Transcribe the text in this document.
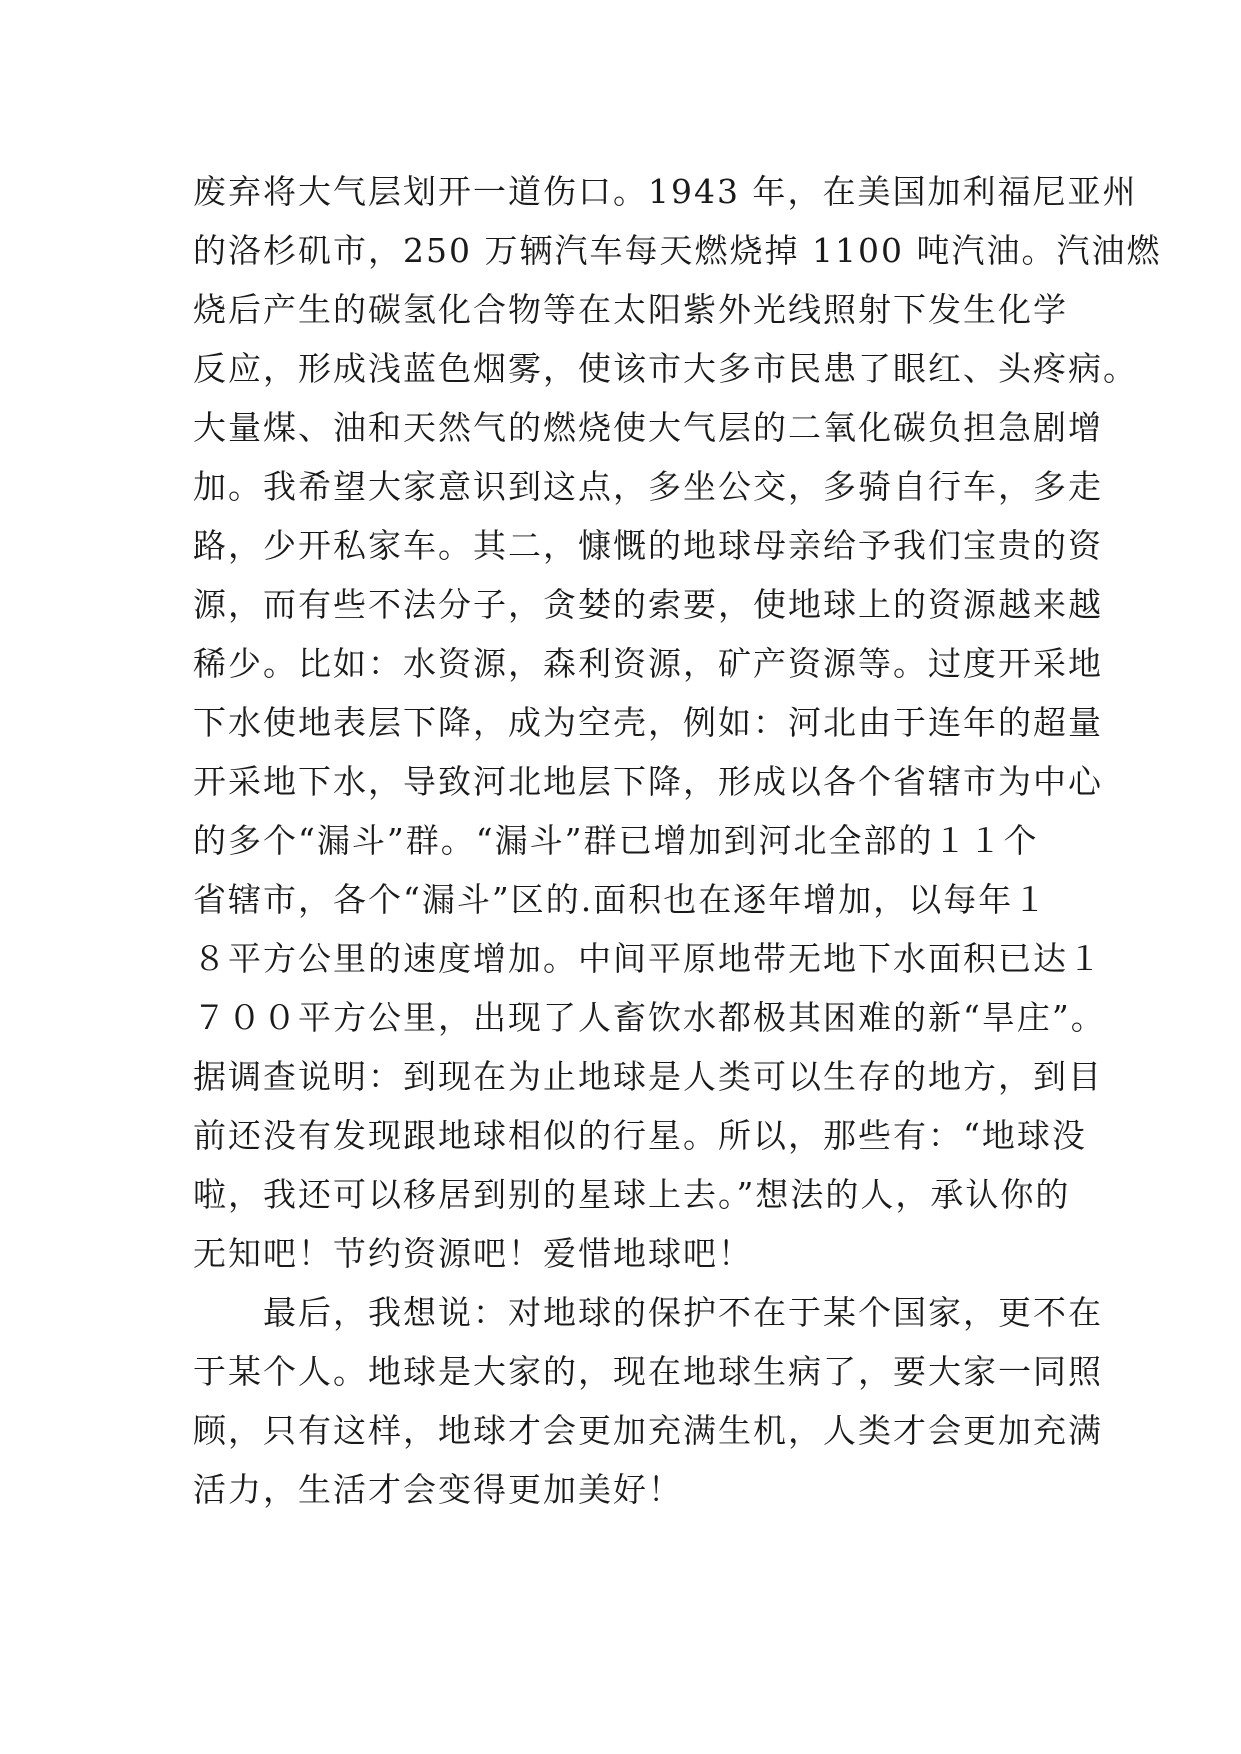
废弃将大气层划开一道伤口。1943 年，在美国加利福尼亚州
的洛杉矶市，250 万辆汽车每天燃烧掉 1100 吨汽油。汽油燃
烧后产生的碳氢化合物等在太阳紫外光线照射下发生化学
反应，形成浅蓝色烟雾，使该市大多市民患了眼红、头疼病。
大量煤、油和天然气的燃烧使大气层的二氧化碳负担急剧增
加。我希望大家意识到这点，多坐公交，多骑自行车，多走
路，少开私家车。其二，慷慨的地球母亲给予我们宝贵的资
源，而有些不法分子，贪婪的索要，使地球上的资源越来越
稀少。比如：水资源，森利资源，矿产资源等。过度开采地
下水使地表层下降，成为空壳，例如：河北由于连年的超量
开采地下水，导致河北地层下降，形成以各个省辖市为中心
的多个“漏斗”群。“漏斗”群已增加到河北全部的１１个
省辖市，各个“漏斗”区的.面积也在逐年增加，以每年１
８平方公里的速度增加。中间平原地带无地下水面积已达１
７００平方公里，出现了人畜饮水都极其困难的新“旱庄”。
据调查说明：到现在为止地球是人类可以生存的地方，到目
前还没有发现跟地球相似的行星。所以，那些有：“地球没
啦，我还可以移居到别的星球上去。”想法的人，承认你的
无知吧！节约资源吧！爱惜地球吧！
最后，我想说：对地球的保护不在于某个国家，更不在
于某个人。地球是大家的，现在地球生病了，要大家一同照
顾，只有这样，地球才会更加充满生机，人类才会更加充满
活力，生活才会变得更加美好！
